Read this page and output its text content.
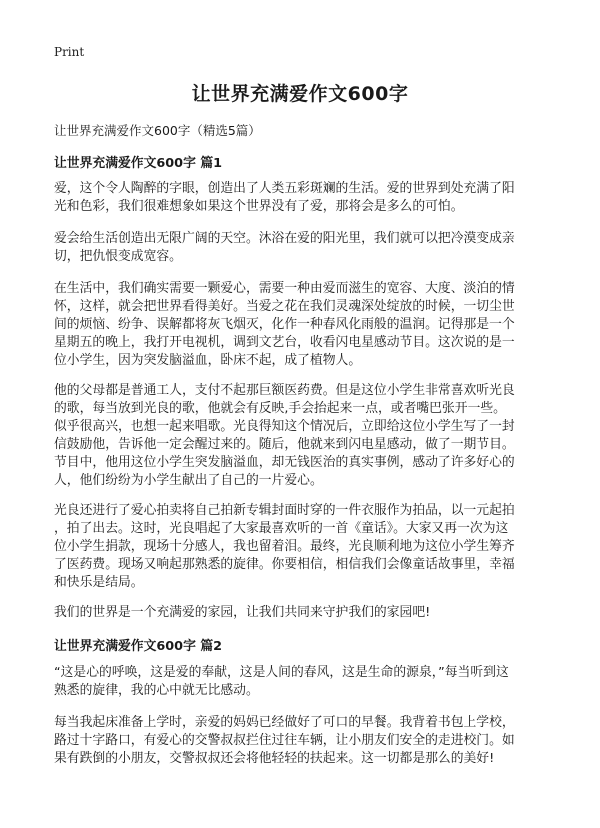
Print
让世界充满爱作文600字
让世界充满爱作文600字（精选5篇）
让世界充满爱作文600字 篇1
爱，这个令人陶醉的字眼，创造出了人类五彩斑斓的生活。爱的世界到处充满了阳
光和色彩，我们很难想象如果这个世界没有了爱，那将会是多么的可怕。
爱会给生活创造出无限广阔的天空。沐浴在爱的阳光里，我们就可以把冷漠变成亲
切，把仇恨变成宽容。
在生活中，我们确实需要一颗爱心，需要一种由爱而滋生的宽容、大度、淡泊的情
怀，这样，就会把世界看得美好。当爱之花在我们灵魂深处绽放的时候，一切尘世
间的烦恼、纷争、误解都将灰飞烟灭，化作一种春风化雨般的温润。记得那是一个
星期五的晚上，我打开电视机，调到文艺台，收看闪电星感动节目。这次说的是一
位小学生，因为突发脑溢血，卧床不起，成了植物人。
他的父母都是普通工人，支付不起那巨额医药费。但是这位小学生非常喜欢听光良
的歌，每当放到光良的歌，他就会有反映,手会抬起来一点，或者嘴巴张开一些。
似乎很高兴，也想一起来唱歌。光良得知这个情况后，立即给这位小学生写了一封
信鼓励他，告诉他一定会醒过来的。随后，他就来到闪电星感动，做了一期节目。
节目中，他用这位小学生突发脑溢血，却无钱医治的真实事例，感动了许多好心的
人，他们纷纷为小学生献出了自己的一片爱心。
光良还进行了爱心拍卖将自己拍新专辑封面时穿的一件衣服作为拍品，以一元起拍
，拍了出去。这时，光良唱起了大家最喜欢听的一首《童话》。大家又再一次为这
位小学生捐款，现场十分感人，我也留着泪。最终，光良顺利地为这位小学生筹齐
了医药费。现场又响起那熟悉的旋律。你要相信，相信我们会像童话故事里，幸福
和快乐是结局。
我们的世界是一个充满爱的家园，让我们共同来守护我们的家园吧!
让世界充满爱作文600字 篇2
“这是心的呼唤，这是爱的奉献，这是人间的春风，这是生命的源泉，”每当听到这
熟悉的旋律，我的心中就无比感动。
每当我起床准备上学时，亲爱的妈妈已经做好了可口的早餐。我背着书包上学校，
路过十字路口，有爱心的交警叔叔拦住过往车辆，让小朋友们安全的走进校门。如
果有跌倒的小朋友，交警叔叔还会将他轻轻的扶起来。这一切都是那么的美好!
